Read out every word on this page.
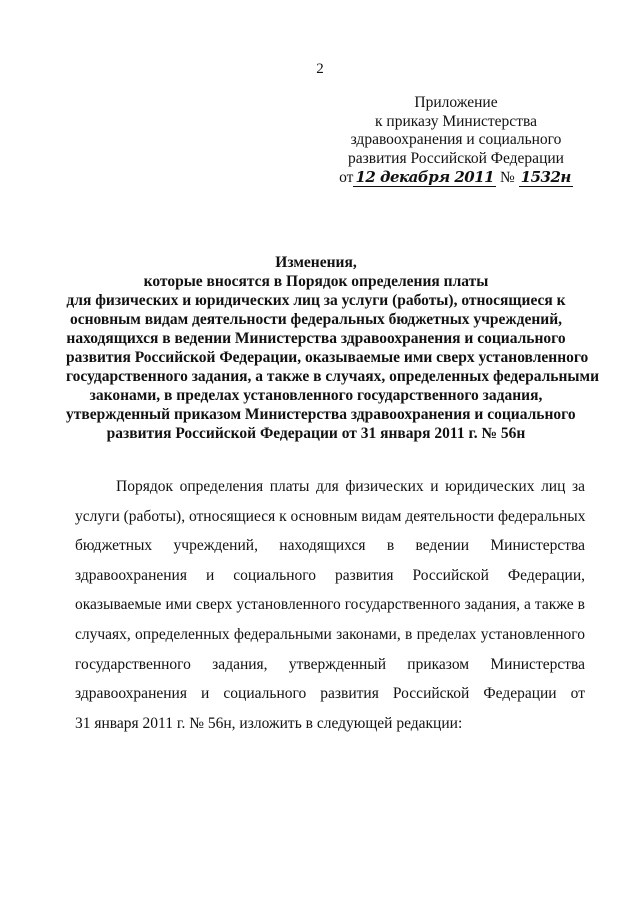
2
Приложение
к приказу Министерства
здравоохранения и социального
развития Российской Федерации
от 12 декабря 2011 № 1532н
Изменения,
которые вносятся в Порядок определения платы
для физических и юридических лиц за услуги (работы), относящиеся к
основным видам деятельности федеральных бюджетных учреждений,
находящихся в ведении Министерства здравоохранения и социального
развития Российской Федерации, оказываемые ими сверх установленного
государственного задания, а также в случаях, определенных федеральными
законами, в пределах установленного государственного задания,
утвержденный приказом Министерства здравоохранения и социального
развития Российской Федерации от 31 января 2011 г. № 56н
Порядок определения платы для физических и юридических лиц за
услуги (работы), относящиеся к основным видам деятельности федеральных
бюджетных учреждений, находящихся в ведении Министерства
здравоохранения и социального развития Российской Федерации,
оказываемые ими сверх установленного государственного задания, а также в
случаях, определенных федеральными законами, в пределах установленного
государственного задания, утвержденный приказом Министерства
здравоохранения и социального развития Российской Федерации от
31 января 2011 г. № 56н, изложить в следующей редакции:
